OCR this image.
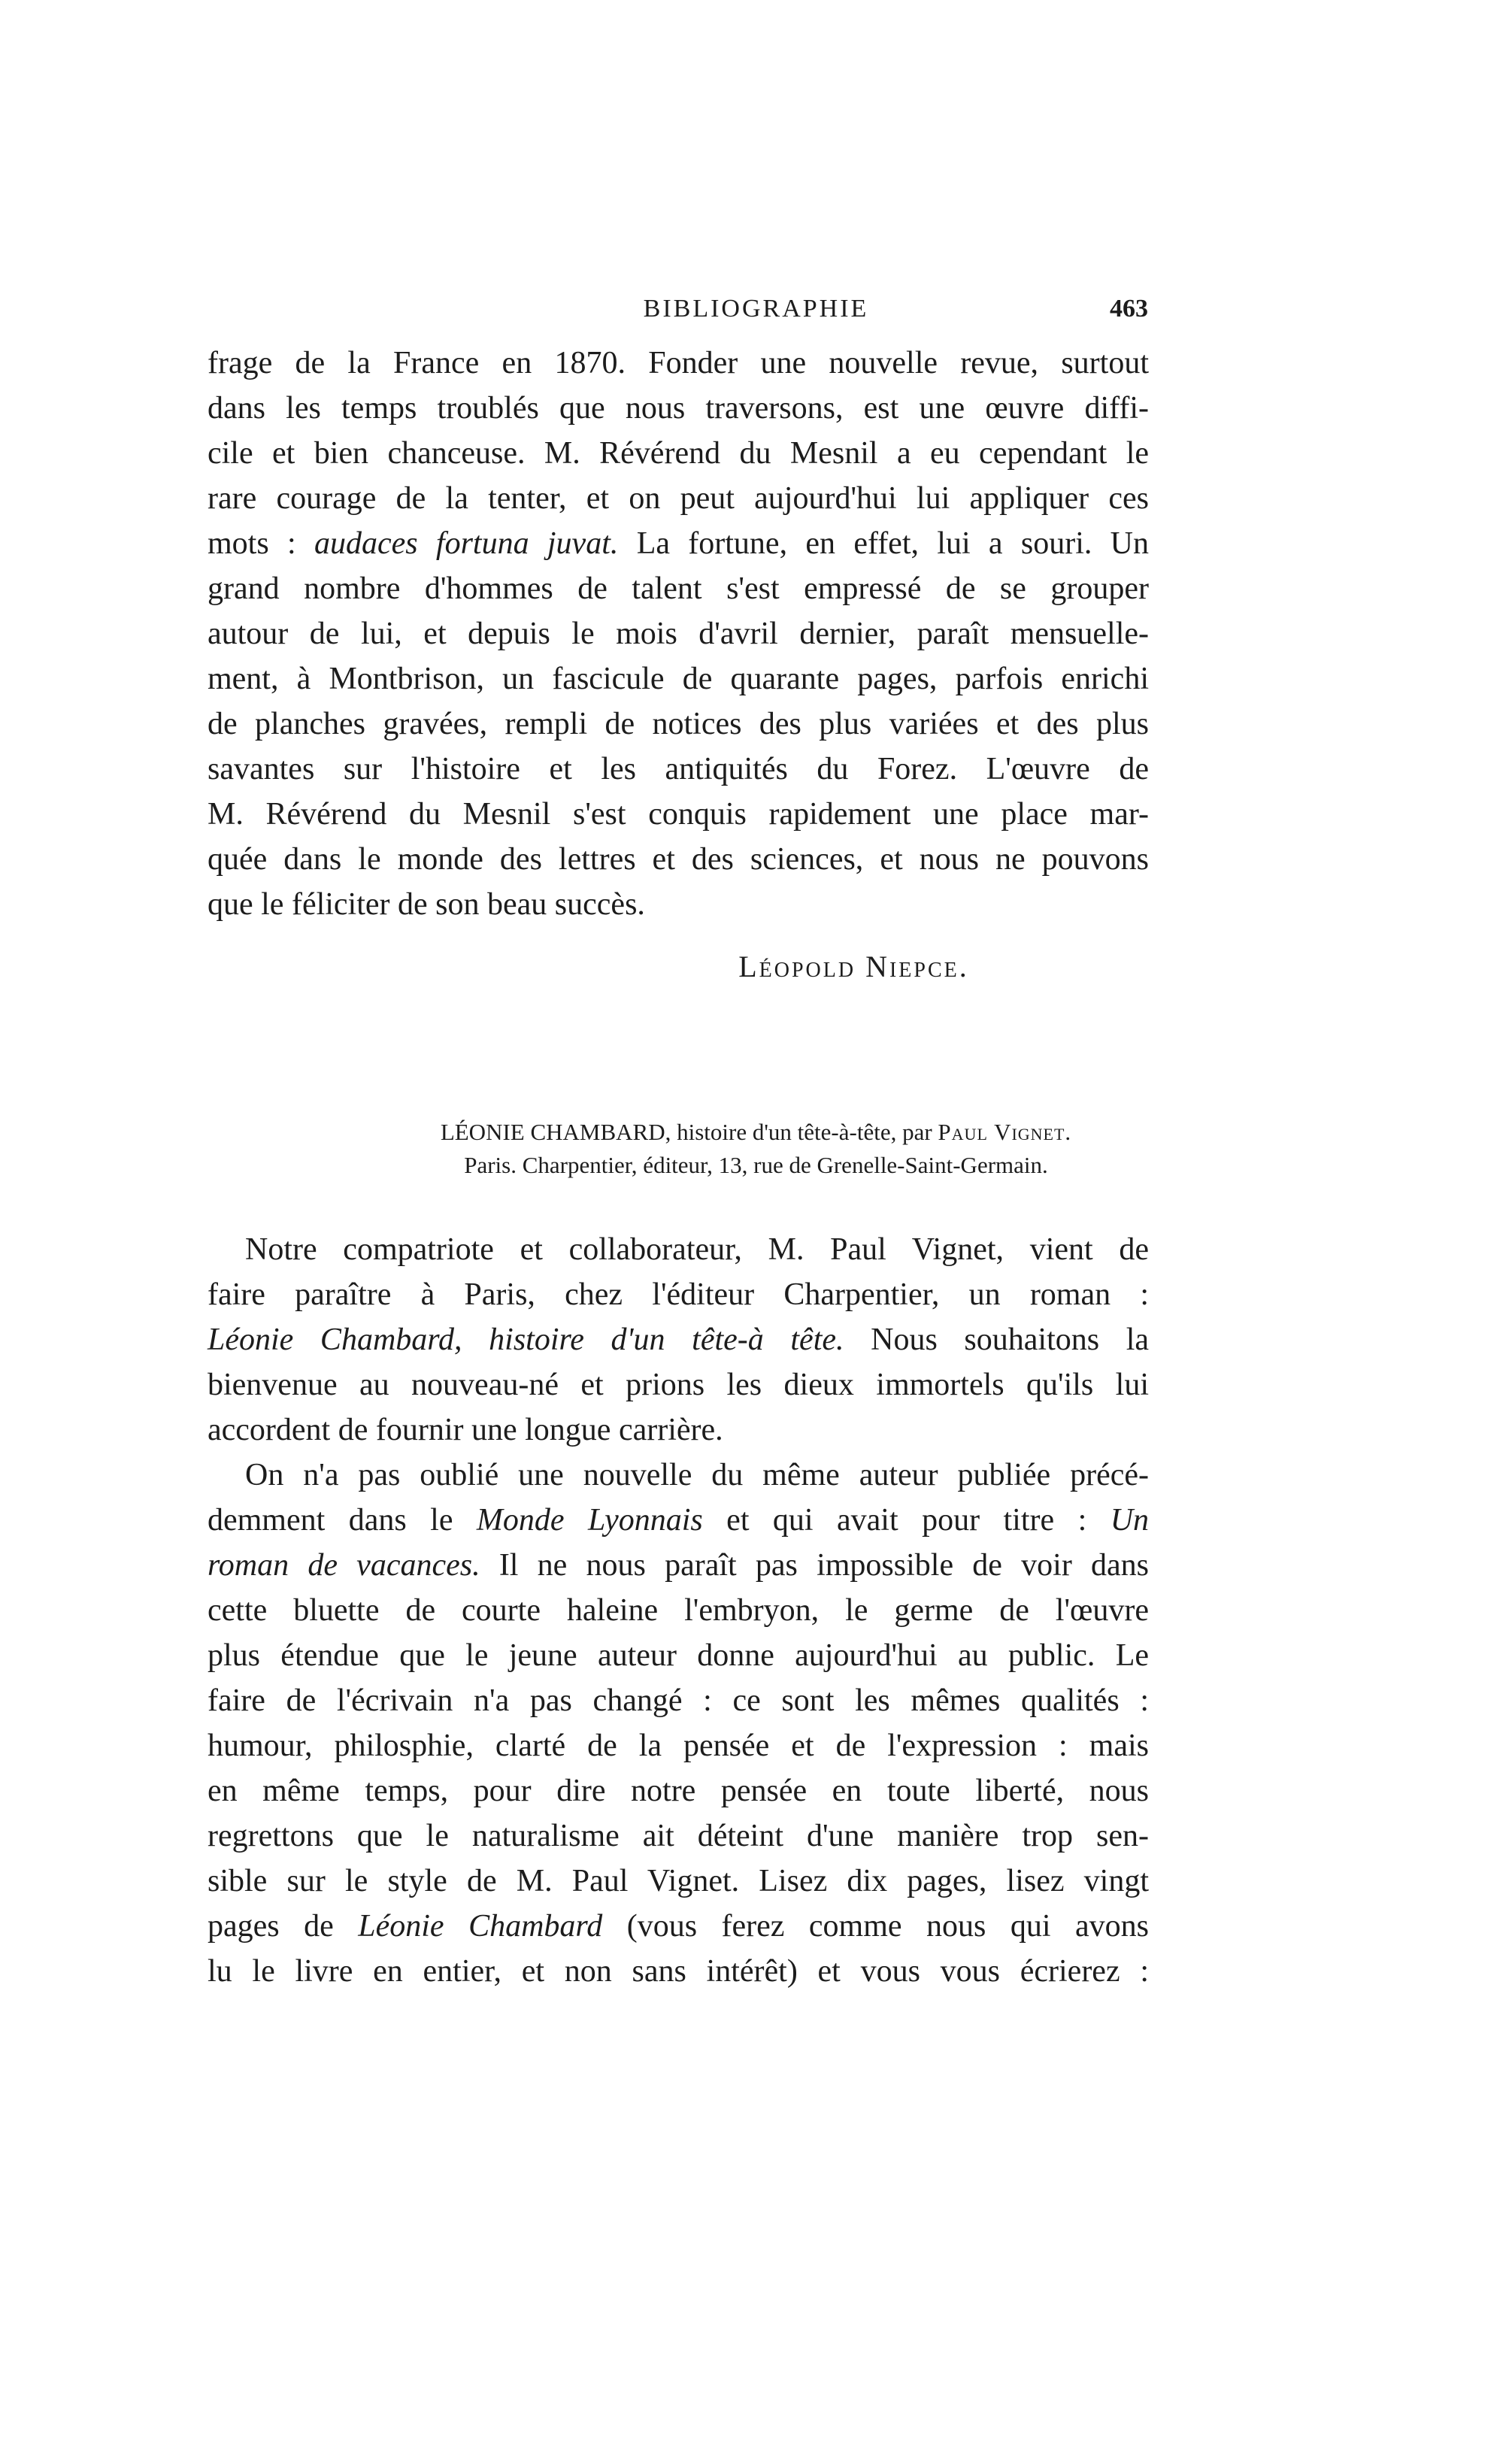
BIBLIOGRAPHIE	463
frage de la France en 1870. Fonder une nouvelle revue, surtout
dans les temps troublés que nous traversons, est une œuvre diffi-
cile et bien chanceuse. M. Révérend du Mesnil a eu cependant le
rare courage de la tenter, et on peut aujourd'hui lui appliquer ces
mots : audaces fortuna juvat. La fortune, en effet, lui a souri. Un
grand nombre d'hommes de talent s'est empressé de se grouper
autour de lui, et depuis le mois d'avril dernier, paraît mensuelle-
ment, à Montbrison, un fascicule de quarante pages, parfois enrichi
de planches gravées, rempli de notices des plus variées et des plus
savantes sur l'histoire et les antiquités du Forez. L'œuvre de
M. Révérend du Mesnil s'est conquis rapidement une place mar-
quée dans le monde des lettres et des sciences, et nous ne pouvons
que le féliciter de son beau succès.
Léopold Niepce.
LÉONIE CHAMBARD, histoire d'un tête-à-tête, par Paul Vignet.
Paris. Charpentier, éditeur, 13, rue de Grenelle-Saint-Germain.
Notre compatriote et collaborateur, M. Paul Vignet, vient de
faire paraître à Paris, chez l'éditeur Charpentier, un roman :
Léonie Chambard, histoire d'un tête-à tête. Nous souhaitons la
bienvenue au nouveau-né et prions les dieux immortels qu'ils lui
accordent de fournir une longue carrière.
On n'a pas oublié une nouvelle du même auteur publiée précé-
demment dans le Monde Lyonnais et qui avait pour titre : Un
roman de vacances. Il ne nous paraît pas impossible de voir dans
cette bluette de courte haleine l'embryon, le germe de l'œuvre
plus étendue que le jeune auteur donne aujourd'hui au public. Le
faire de l'écrivain n'a pas changé : ce sont les mêmes qualités :
humour, philosphie, clarté de la pensée et de l'expression : mais
en même temps, pour dire notre pensée en toute liberté, nous
regrettons que le naturalisme ait déteint d'une manière trop sen-
sible sur le style de M. Paul Vignet. Lisez dix pages, lisez vingt
pages de Léonie Chambard (vous ferez comme nous qui avons
lu le livre en entier, et non sans intérêt) et vous vous écrierez :
